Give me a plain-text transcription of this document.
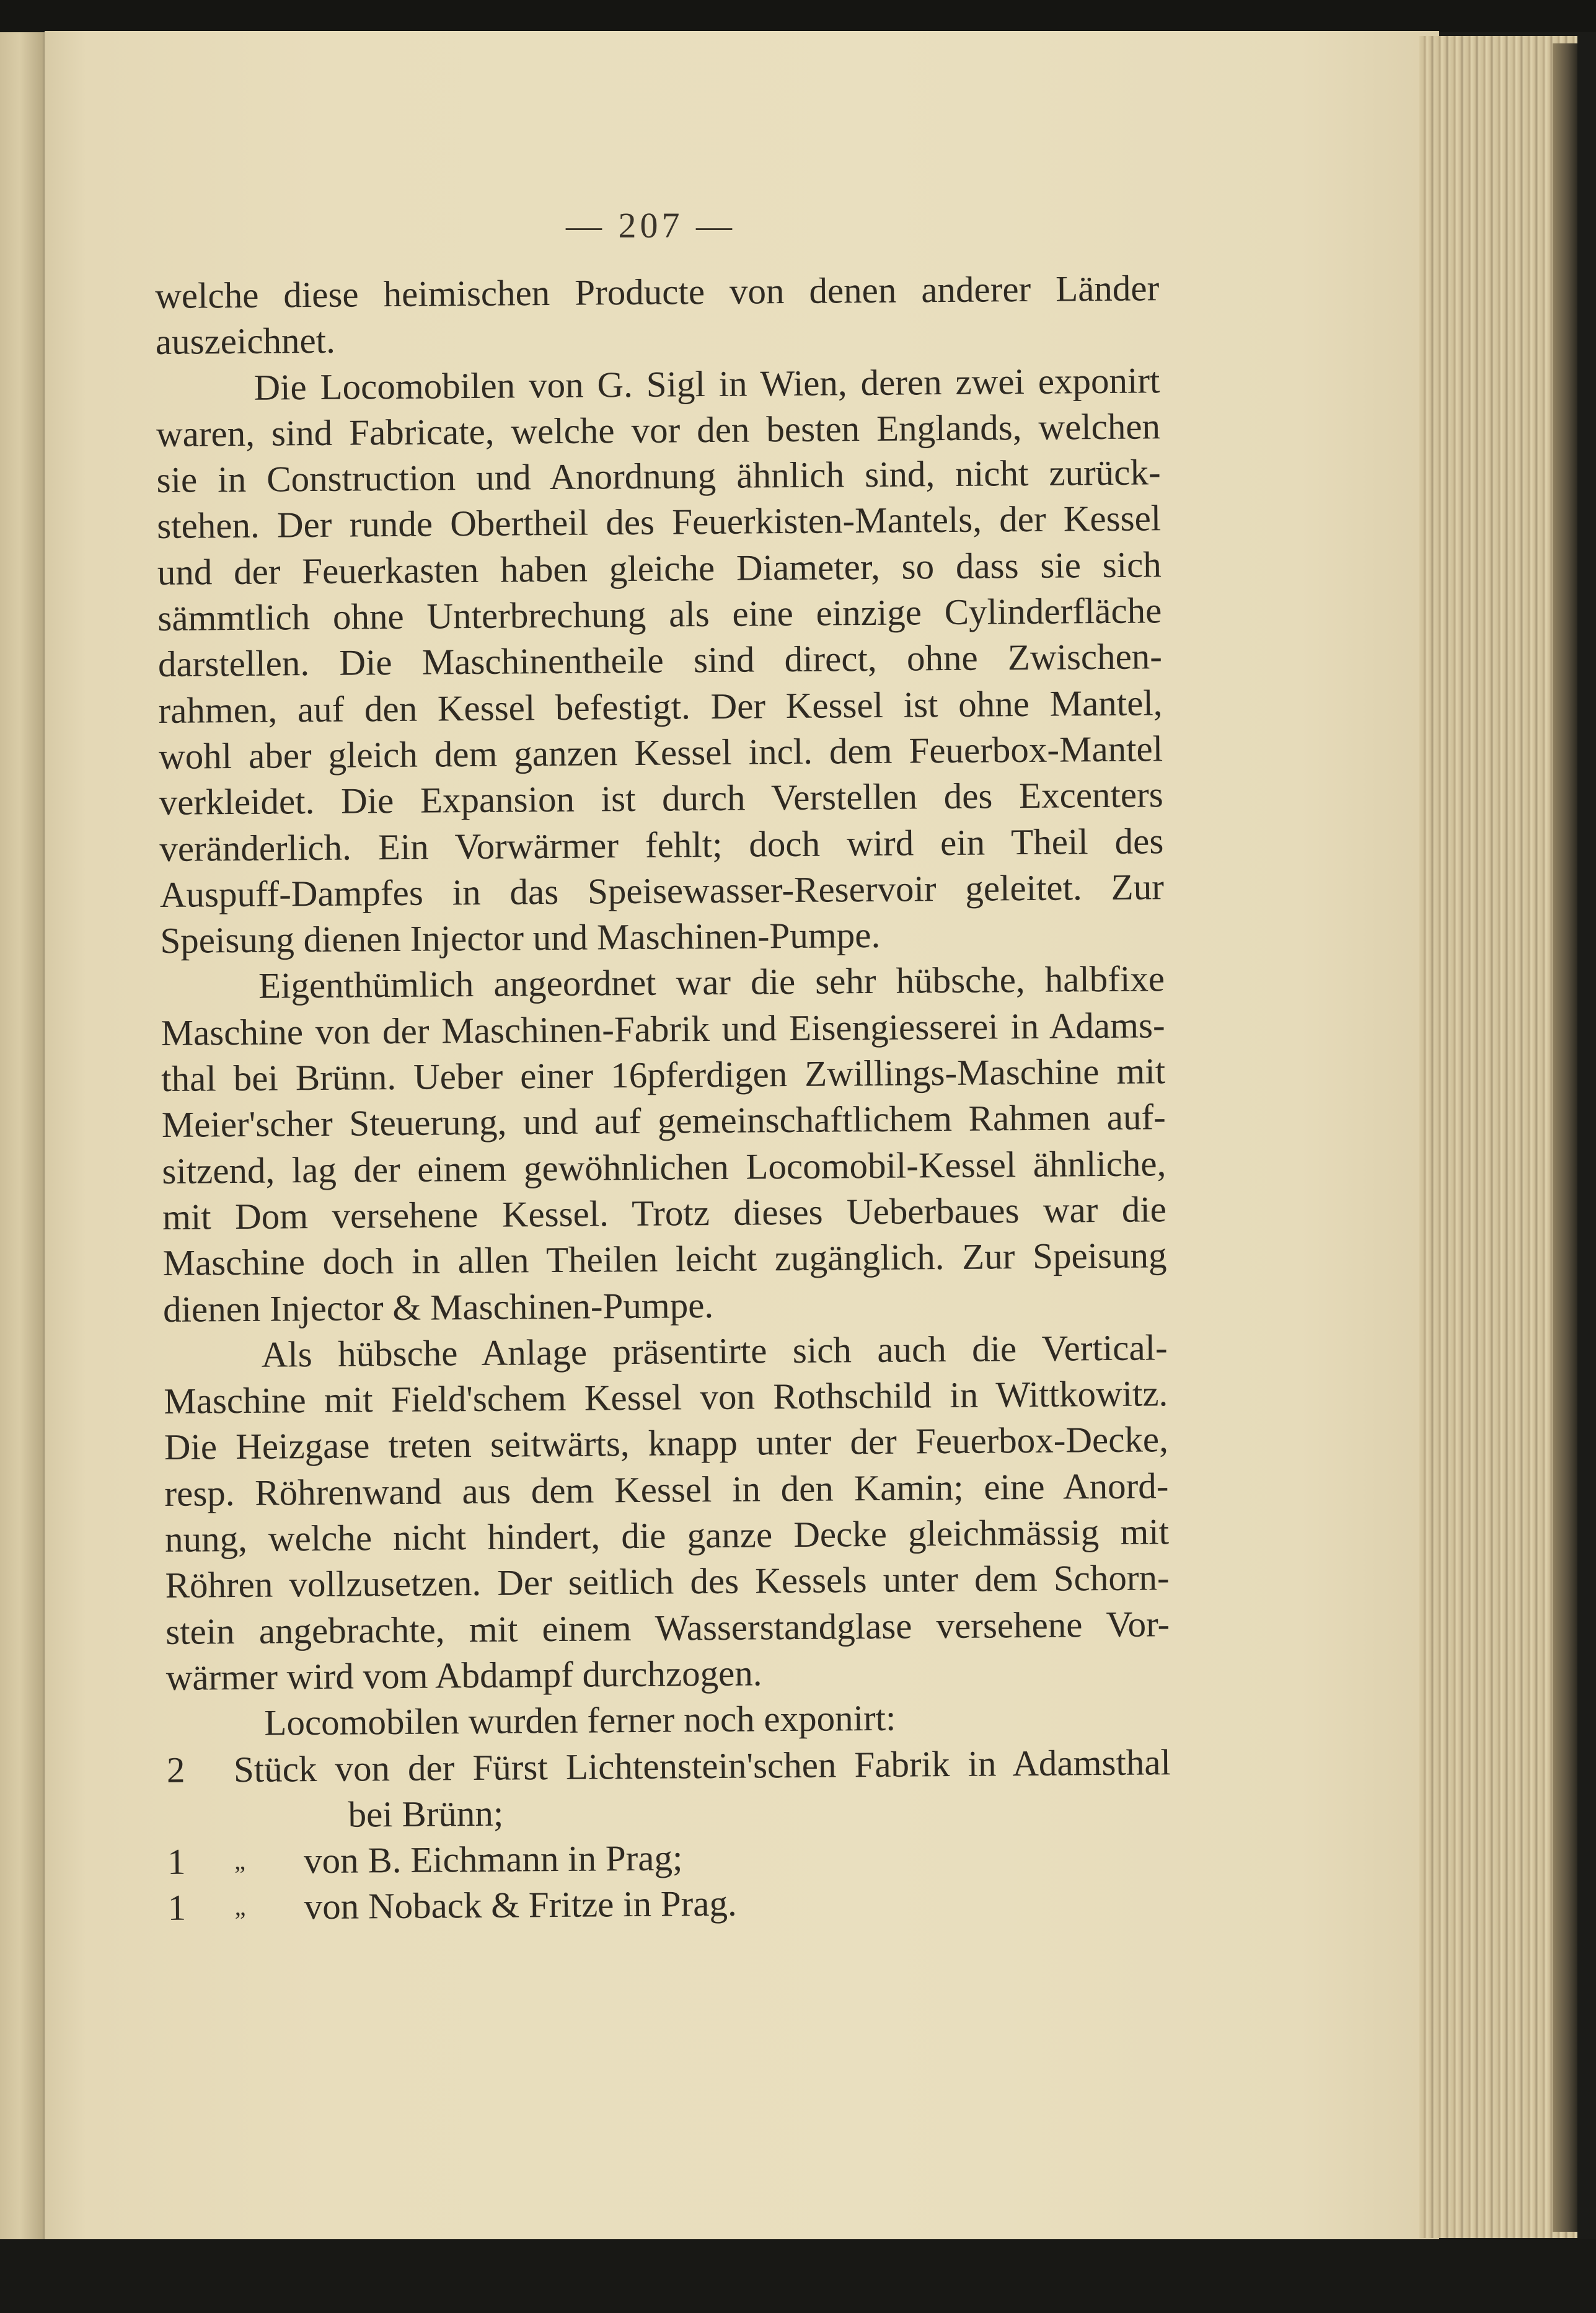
— 207 —
welche diese heimischen Producte von denen anderer Länder
auszeichnet.
Die Locomobilen von G. Sigl in Wien, deren zwei exponirt
waren, sind Fabricate, welche vor den besten Englands, welchen
sie in Construction und Anordnung ähnlich sind, nicht zurück-
stehen. Der runde Obertheil des Feuerkisten-Mantels, der Kessel
und der Feuerkasten haben gleiche Diameter, so dass sie sich
sämmtlich ohne Unterbrechung als eine einzige Cylinderfläche
darstellen. Die Maschinentheile sind direct, ohne Zwischen-
rahmen, auf den Kessel befestigt. Der Kessel ist ohne Mantel,
wohl aber gleich dem ganzen Kessel incl. dem Feuerbox-Mantel
verkleidet. Die Expansion ist durch Verstellen des Excenters
veränderlich. Ein Vorwärmer fehlt; doch wird ein Theil des
Auspuff-Dampfes in das Speisewasser-Reservoir geleitet. Zur
Speisung dienen Injector und Maschinen-Pumpe.
Eigenthümlich angeordnet war die sehr hübsche, halbfixe
Maschine von der Maschinen-Fabrik und Eisengiesserei in Adams-
thal bei Brünn. Ueber einer 16pferdigen Zwillings-Maschine mit
Meier'scher Steuerung, und auf gemeinschaftlichem Rahmen auf-
sitzend, lag der einem gewöhnlichen Locomobil-Kessel ähnliche,
mit Dom versehene Kessel. Trotz dieses Ueberbaues war die
Maschine doch in allen Theilen leicht zugänglich. Zur Speisung
dienen Injector & Maschinen-Pumpe.
Als hübsche Anlage präsentirte sich auch die Vertical-
Maschine mit Field'schem Kessel von Rothschild in Wittkowitz.
Die Heizgase treten seitwärts, knapp unter der Feuerbox-Decke,
resp. Röhrenwand aus dem Kessel in den Kamin; eine Anord-
nung, welche nicht hindert, die ganze Decke gleichmässig mit
Röhren vollzusetzen. Der seitlich des Kessels unter dem Schorn-
stein angebrachte, mit einem Wasserstandglase versehene Vor-
wärmer wird vom Abdampf durchzogen.
Locomobilen wurden ferner noch exponirt:
2	Stück von der Fürst Lichtenstein'schen Fabrik in Adamsthal
bei Brünn;
1	„	von B. Eichmann in Prag;
1	„	von Noback & Fritze in Prag.
